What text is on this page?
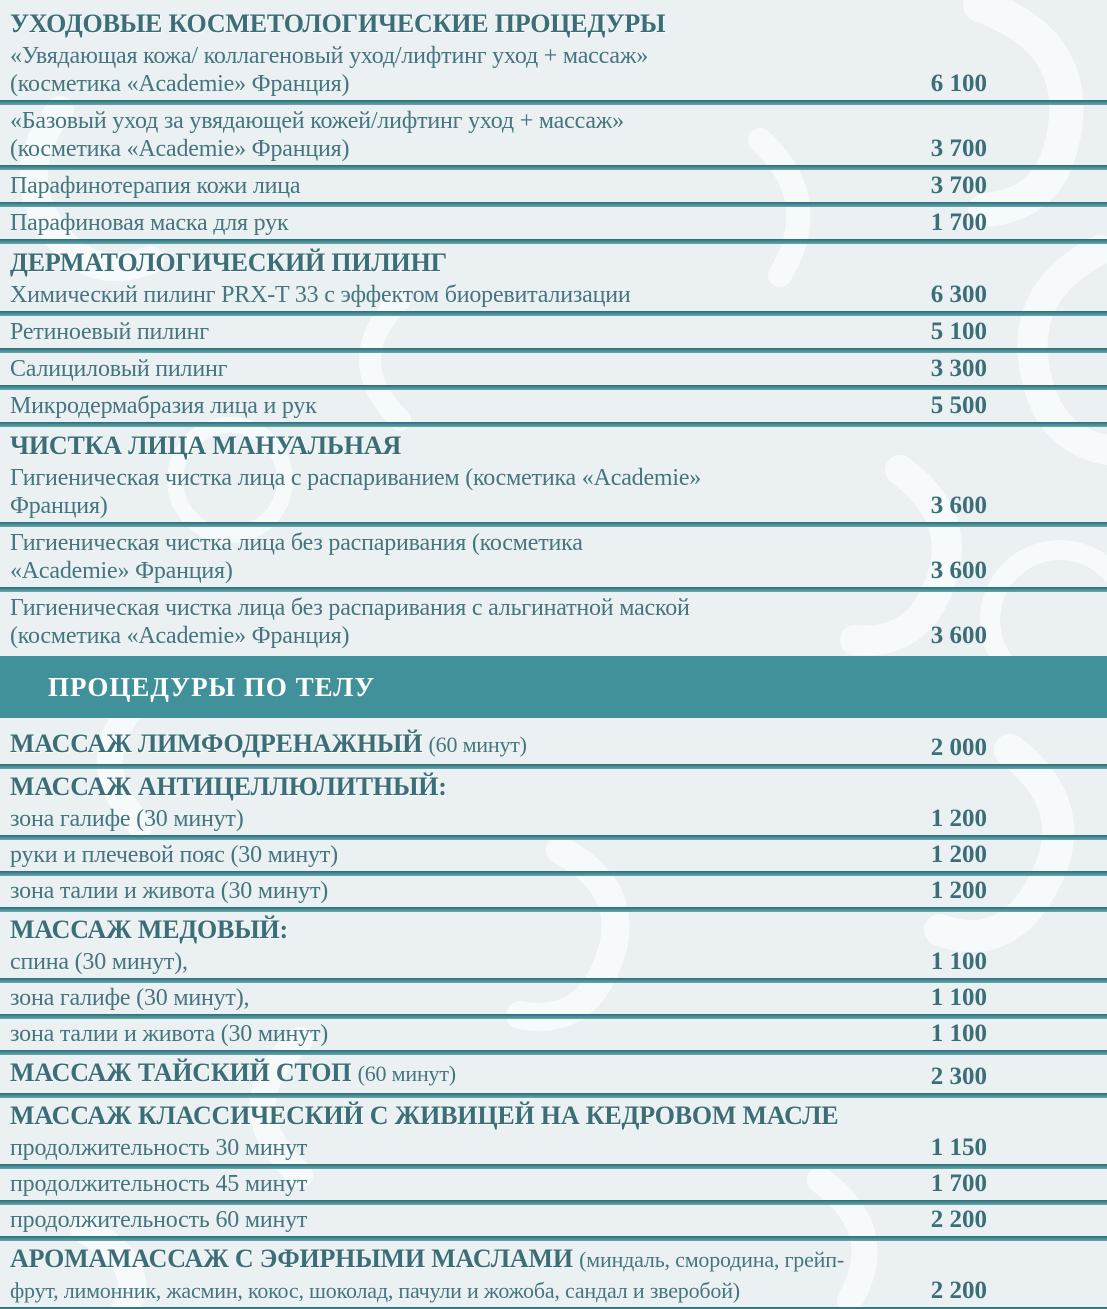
УХОДОВЫЕ КОСМЕТОЛОГИЧЕСКИЕ ПРОЦЕДУРЫ
«Увядающая кожа/ коллагеновый уход/лифтинг уход + массаж»
(косметика «Academie» Франция)	6 100
«Базовый уход за увядающей кожей/лифтинг уход + массаж»
(косметика «Academie» Франция)	3 700
Парафинотерапия кожи лица	3 700
Парафиновая маска для рук	1 700
ДЕРМАТОЛОГИЧЕСКИЙ ПИЛИНГ
Химический пилинг PRX-T 33 с эффектом биоревитализации	6 300
Ретиноевый пилинг	5 100
Салициловый пилинг	3 300
Микродермабразия лица и рук	5 500
ЧИСТКА ЛИЦА МАНУАЛЬНАЯ
Гигиеническая чистка лица с распариванием (косметика «Academie»
Франция)	3 600
Гигиеническая чистка лица без распаривания (косметика
«Academie» Франция)	3 600
Гигиеническая чистка лица без распаривания с альгинатной маской
(косметика «Academie» Франция)	3 600
ПРОЦЕДУРЫ ПО ТЕЛУ
МАССАЖ ЛИМФОДРЕНАЖНЫЙ (60 минут)	2 000
МАССАЖ АНТИЦЕЛЛЮЛИТНЫЙ:
зона галифе (30 минут)	1 200
руки и плечевой пояс (30 минут)	1 200
зона талии и живота (30 минут)	1 200
МАССАЖ МЕДОВЫЙ:
спина (30 минут),	1 100
зона галифе (30 минут),	1 100
зона талии и живота (30 минут)	1 100
МАССАЖ ТАЙСКИЙ СТОП (60 минут)	2 300
МАССАЖ КЛАССИЧЕСКИЙ С ЖИВИЦЕЙ НА КЕДРОВОМ МАСЛЕ
продолжительность 30 минут	1 150
продолжительность 45 минут	1 700
продолжительность 60 минут	2 200
АРОМАМАССАЖ С ЭФИРНЫМИ МАСЛАМИ (миндаль, смородина, грейп-
фрут, лимонник, жасмин, кокос, шоколад, пачули и жожоба, сандал и зверобой)	2 200
